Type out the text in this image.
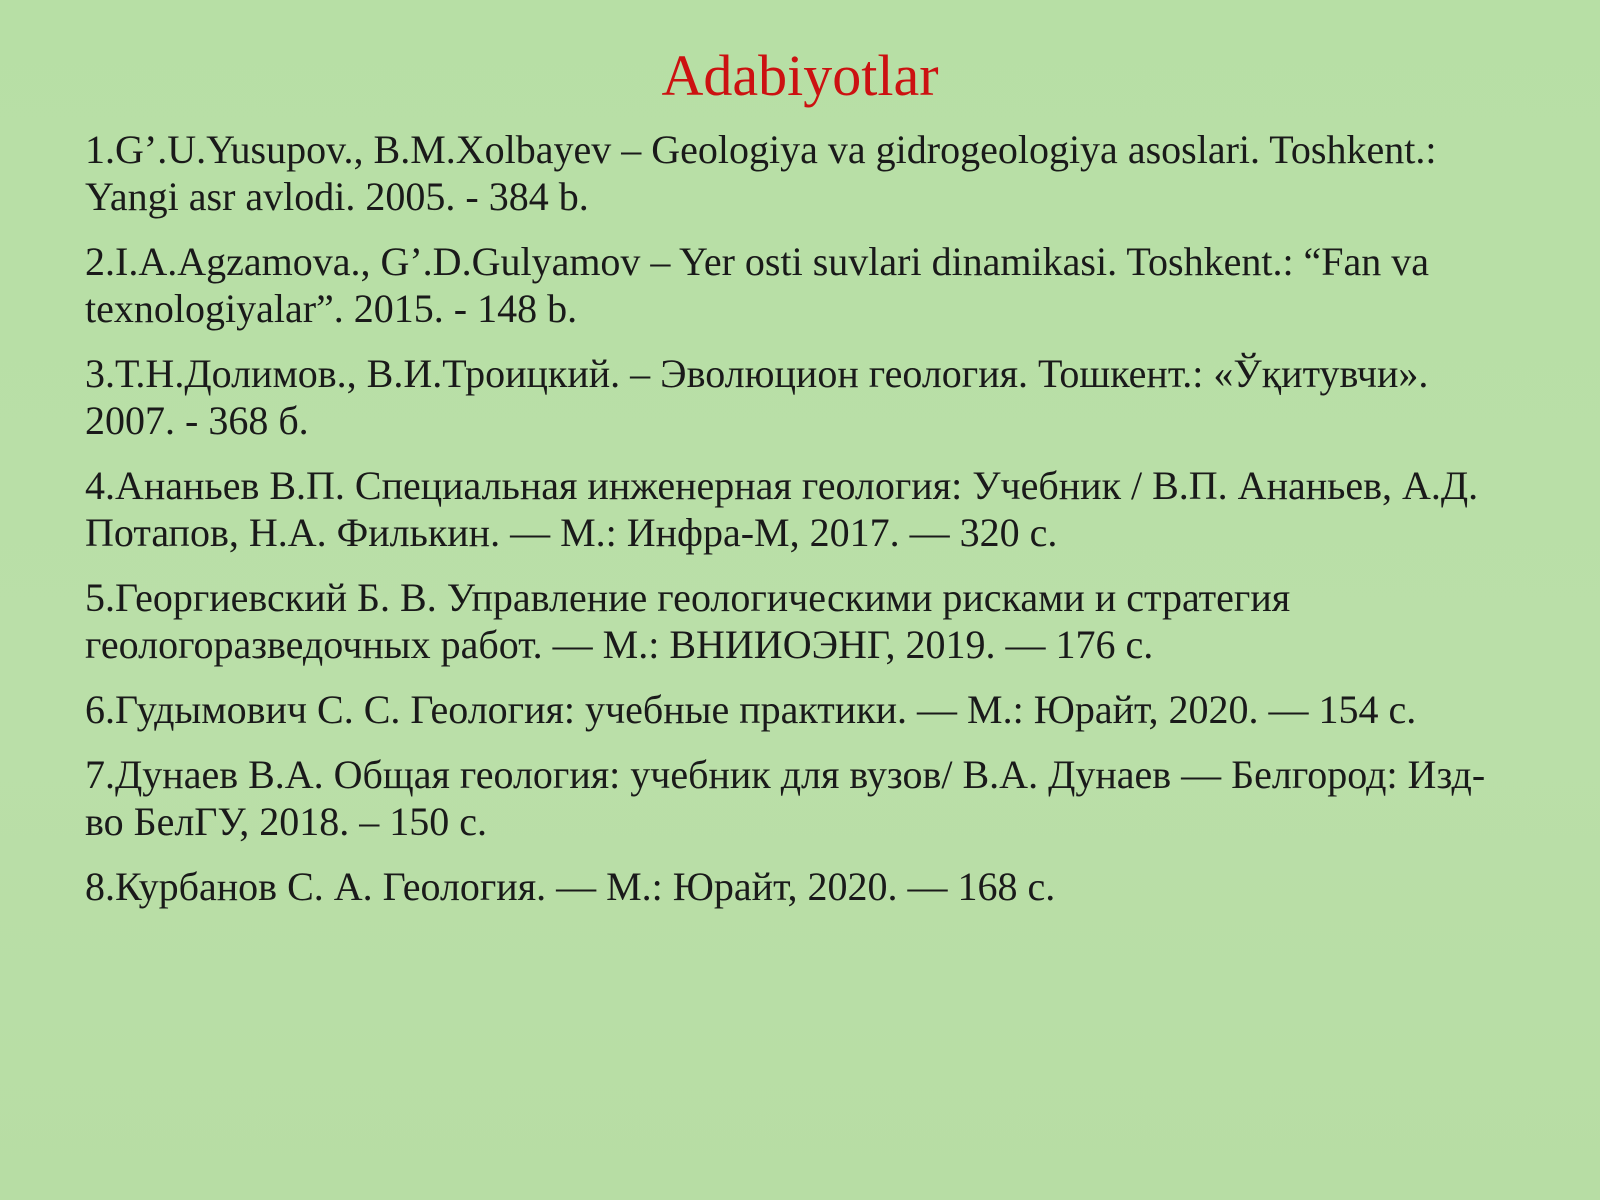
Adabiyotlar
1.G’.U.Yusupov., B.M.Xolbayev – Geologiya va gidrogeologiya asoslari. Toshkent.: Yangi asr avlodi. 2005. - 384 b.
2.I.A.Agzamova., G’.D.Gulyamov – Yer osti suvlari dinamikasi. Toshkent.: “Fan va texnologiyalar”. 2015. - 148 b.
3.Т.Н.Долимов., В.И.Троицкий. – Эволюцион геология. Тошкент.: «Ўқитувчи». 2007. - 368 б.
4.Ананьев В.П. Специальная инженерная геология: Учебник / В.П. Ананьев, А.Д. Потапов, Н.А. Филькин. — М.: Инфра-М, 2017. — 320 с.
5.Георгиевский Б. В. Управление геологическими рисками и стратегия геологоразведочных работ. — М.: ВНИИОЭНГ, 2019. — 176 с.
6.Гудымович С. С. Геология: учебные практики. — М.: Юрайт, 2020. — 154 с.
7.Дунаев В.А. Общая геология: учебник для вузов/ В.А. Дунаев — Белгород: Изд-во БелГУ, 2018. – 150 с.
8.Курбанов С. А. Геология. — М.: Юрайт, 2020. — 168 с.
